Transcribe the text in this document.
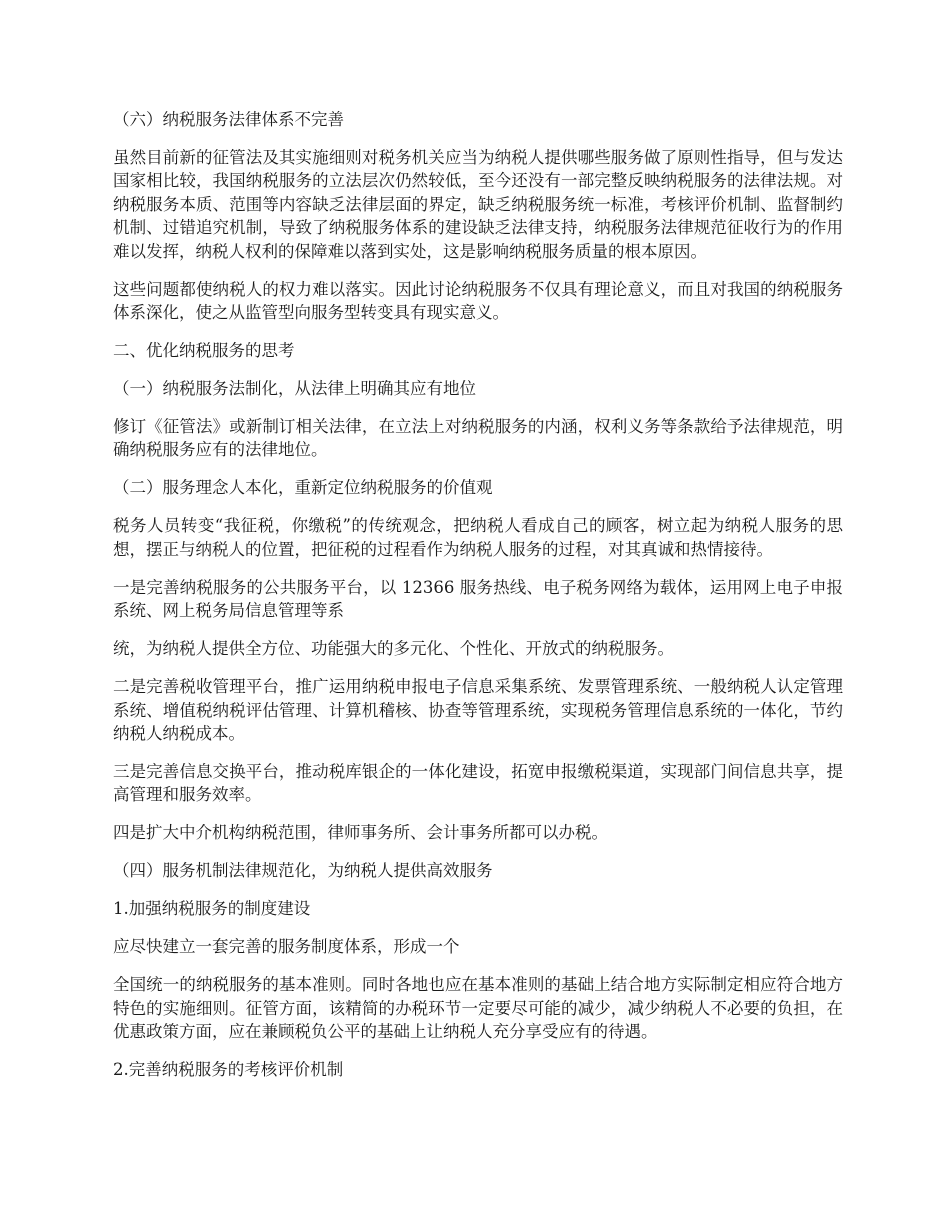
（六）纳税服务法律体系不完善

虽然目前新的征管法及其实施细则对税务机关应当为纳税人提供哪些服务做了原则性指导，但与发达国家相比较，我国纳税服务的立法层次仍然较低，至今还没有一部完整反映纳税服务的法律法规。对纳税服务本质、范围等内容缺乏法律层面的界定，缺乏纳税服务统一标准，考核评价机制、监督制约机制、过错追究机制，导致了纳税服务体系的建设缺乏法律支持，纳税服务法律规范征收行为的作用难以发挥，纳税人权利的保障难以落到实处，这是影响纳税服务质量的根本原因。

这些问题都使纳税人的权力难以落实。因此讨论纳税服务不仅具有理论意义，而且对我国的纳税服务体系深化，使之从监管型向服务型转变具有现实意义。

二、优化纳税服务的思考

（一）纳税服务法制化，从法律上明确其应有地位

修订《征管法》或新制订相关法律，在立法上对纳税服务的内涵，权利义务等条款给予法律规范，明确纳税服务应有的法律地位。

（二）服务理念人本化，重新定位纳税服务的价值观

税务人员转变“我征税，你缴税”的传统观念，把纳税人看成自己的顾客，树立起为纳税人服务的思想，摆正与纳税人的位置，把征税的过程看作为纳税人服务的过程，对其真诚和热情接待。

一是完善纳税服务的公共服务平台，以 12366 服务热线、电子税务网络为载体，运用网上电子申报系统、网上税务局信息管理等系

统，为纳税人提供全方位、功能强大的多元化、个性化、开放式的纳税服务。

二是完善税收管理平台，推广运用纳税申报电子信息采集系统、发票管理系统、一般纳税人认定管理系统、增值税纳税评估管理、计算机稽核、协查等管理系统，实现税务管理信息系统的一体化，节约纳税人纳税成本。

三是完善信息交换平台，推动税库银企的一体化建设，拓宽申报缴税渠道，实现部门间信息共享，提高管理和服务效率。

四是扩大中介机构纳税范围，律师事务所、会计事务所都可以办税。

（四）服务机制法律规范化，为纳税人提供高效服务

1.加强纳税服务的制度建设

应尽快建立一套完善的服务制度体系，形成一个

全国统一的纳税服务的基本准则。同时各地也应在基本准则的基础上结合地方实际制定相应符合地方特色的实施细则。征管方面，该精简的办税环节一定要尽可能的减少，减少纳税人不必要的负担，在优惠政策方面，应在兼顾税负公平的基础上让纳税人充分享受应有的待遇。

2.完善纳税服务的考核评价机制
